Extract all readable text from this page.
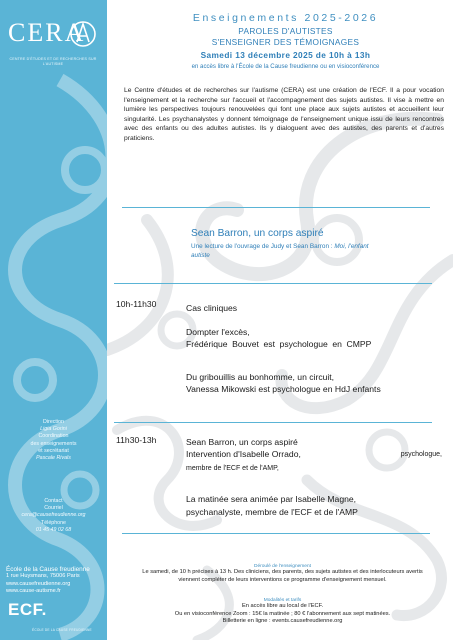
CERA
CENTRE D'ÉTUDES ET DE RECHERCHES SUR L'AUTISME
Direction
Ligia Gorini
Coordination
des enseignements
et secrétariat
Pascale Rivals
Contact
Courriel
cera@causefreudienne.org
Téléphone
01 45 49 02 68
École de la Cause freudienne
1 rue Huysmans, 75006 Paris
www.causefreudienne.org
www.cause-autisme.fr
ECF.
ÉCOLE DE LA CAUSE FREUDIENNE
Enseignements 2025-2026
PAROLES D'AUTISTES
S'ENSEIGNER DES TÉMOIGNAGES
Samedi 13 décembre 2025 de 10h à 13h
en accès libre à l'École de la Cause freudienne ou en visioconférence
Le Centre d'études et de recherches sur l'autisme (CERA) est une création de l'ECF. Il a pour vocation l'enseignement et la recherche sur l'accueil et l'accompagnement des sujets autistes. Il vise à mettre en lumière les perspectives toujours renouvelées qui font une place aux sujets autistes et accueillent leur singularité. Les psychanalystes y donnent témoignage de l'enseignement unique issu de leurs rencontres avec des enfants ou des adultes autistes. Ils y dialoguent avec des autistes, des parents et d'autres praticiens.
Sean Barron, un corps aspiré
Une lecture de l'ouvrage de Judy et Sean Barron : Moi, l'enfant
autiste
10h-11h30	Cas cliniques
Dompter l'excès,
Frédérique Bouvet est psychologue en CMPP
Du gribouillis au bonhomme, un circuit,
Vanessa Mikowski est psychologue en HdJ enfants
11h30-13h	Sean Barron, un corps aspiré
Intervention d'Isabelle Orrado,	psychologue,
membre de l'ECF et de l'AMP,
La matinée sera animée par Isabelle Magne,
psychanalyste, membre de l'ECF et de l'AMP
Déroulé de l'enseignement
Le samedi, de 10 h précises à 13 h. Des cliniciens, des parents, des sujets autistes et des interlocuteurs avertis
viennent compléter de leurs interventions ce programme d'enseignement mensuel.
Modalités et tarifs
En accès libre au local de l'ECF.
Ou en visioconférence Zoom : 15€ la matinée ; 80 € l'abonnement aux sept matinées.
Billetterie en ligne : events.causefreudienne.org
